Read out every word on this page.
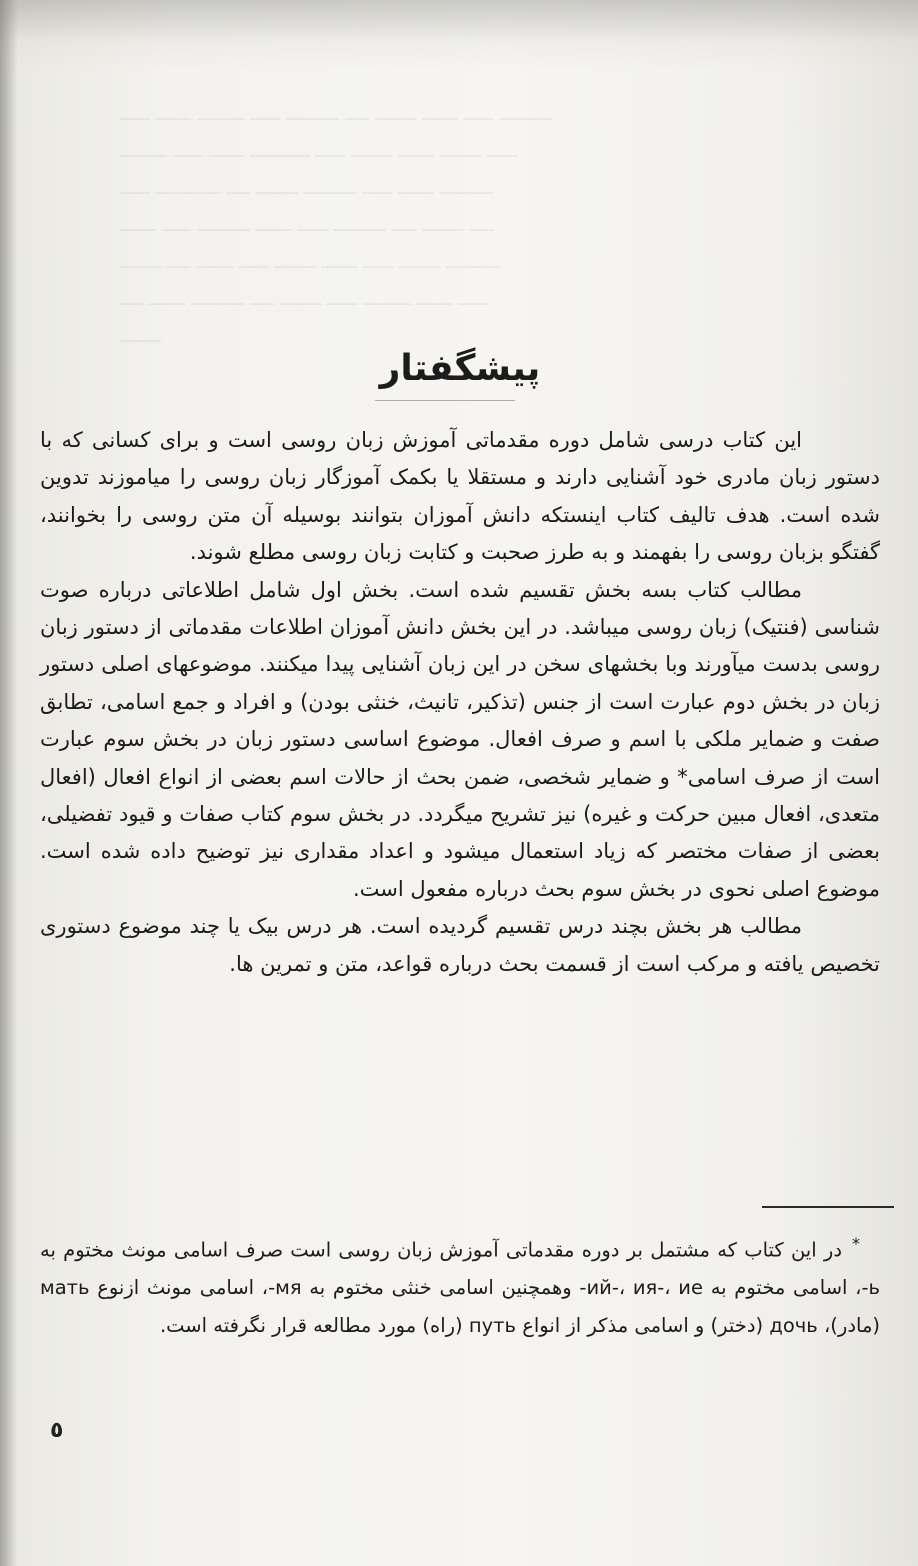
ـــــ ــــــ ــــــــ ـــــ ـــــــــ ــــ ـــــــ ــــــ ـــــ ـــــــــ
ــــــــ ـــــ ــــــ ــــــــــ ـــــ ـــــــ ــــــ ـــــــ ـــــ
ـــــ ـــــــــــ ــــ ـــــــ ـــــــــ ـــــ ــــــ ـــــــــ
ــــــ ـــــ ـــــــــ ــــــ ـــــ ـــــــــ ــــ ـــــــ ــــ
ـــــــ ــــ ــــــ ـــــ ـــــــ ــــــ ـــــ ـــــــ ـــــــــ
ــــ ــــــ ـــــــــ ــــ ـــــــ ـــــ ــــــــ ــــــ ـــــ
ـــــــ
پیشگفتار

این کتاب درسی شامل دوره مقدماتی آموزش زبان روسی است و برای کسانی که با دستور زبان مادری خود آشنایی دارند و مستقلا یا بکمک آموزگار زبان روسی را میاموزند تدوین شده است. هدف تالیف کتاب اینستکه دانش آموزان بتوانند بوسیله آن متن روسی را بخوانند، گفتگو بزبان روسی را بفهمند و به طرز صحبت و کتابت زبان روسی مطلع شوند.

مطالب کتاب بسه بخش تقسیم شده است. بخش اول شامل اطلاعاتی درباره صوت شناسی (فنتیک) زبان روسی میباشد. در این بخش دانش آموزان اطلاعات مقدماتی از دستور زبان روسی بدست میآورند وبا بخشهای سخن در این زبان آشنایی پیدا میکنند. موضوعهای اصلی دستور زبان در بخش دوم عبارت است از جنس (تذکیر، تانیث، خنثی بودن) و افراد و جمع اسامی، تطابق صفت و ضمایر ملکی با اسم و صرف افعال. موضوع اساسی دستور زبان در بخش سوم عبارت است از صرف اسامی* و ضمایر شخصی، ضمن بحث از حالات اسم بعضی از انواع افعال (افعال متعدی، افعال مبین حرکت و غیره) نیز تشریح میگردد. در بخش سوم کتاب صفات و قیود تفضیلی، بعضی از صفات مختصر که زیاد استعمال میشود و اعداد مقداری نیز توضیح داده شده است. موضوع اصلی نحوی در بخش سوم بحث درباره مفعول است.

مطالب هر بخش بچند درس تقسیم گردیده است. هر درس بیک یا چند موضوع دستوری تخصیص یافته و مرکب است از قسمت بحث درباره قواعد، متن و تمرین ها.

*در این کتاب که مشتمل بر دوره مقدماتی آموزش زبان روسی است صرف اسامی مونث مختوم به ь-، اسامی مختوم به ий-، ия-، ие- وهمچنین اسامی خنثی مختوم به мя-، اسامی مونث ازنوع мать (مادر)، дочь (دختر) و اسامی مذکر از انواع путь (راه) مورد مطالعه قرار نگرفته است.

٥
